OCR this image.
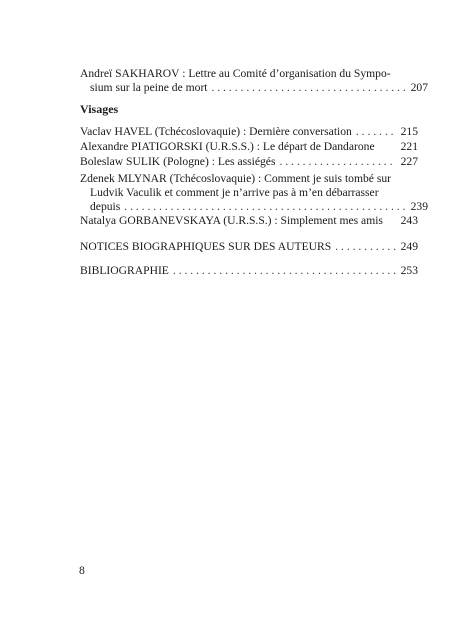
Andreï SAKHAROV : Lettre au Comité d’organisation du Sympo-
sium sur la peine de mort . . .	207
Visages
Vaclav HAVEL (Tchécoslovaquie) : Dernière conversation . . .	215
Alexandre PIATIGORSKI (U.R.S.S.) : Le départ de Dandarone 221
Boleslaw SULIK (Pologne) : Les assiégés . . .	227
Zdenek MLYNAR (Tchécoslovaquie) : Comment je suis tombé sur
Ludvik Vaculik et comment je n’arrive pas à m’en débarrasser
depuis . . .	239
Natalya GORBANEVSKAYA (U.R.S.S.) : Simplement mes amis 243
NOTICES BIOGRAPHIQUES SUR DES AUTEURS . . .	249
BIBLIOGRAPHIE . . .	253
8
